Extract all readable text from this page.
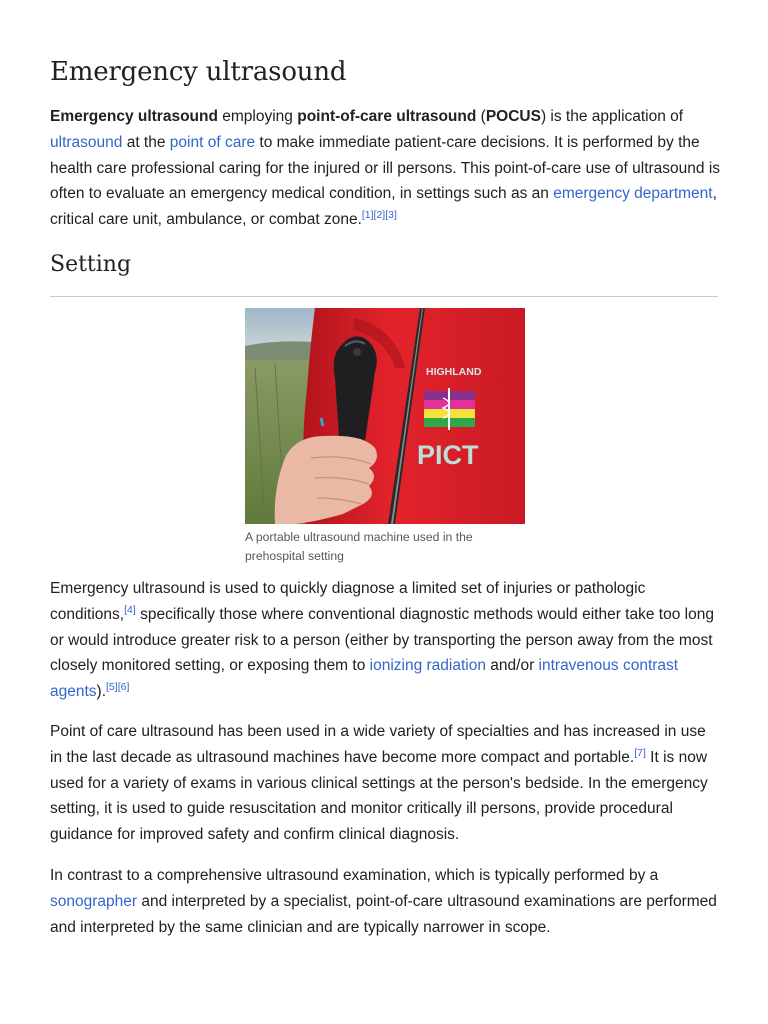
Emergency ultrasound

Emergency ultrasound employing point-of-care ultrasound (POCUS) is the application of ultrasound at the point of care to make immediate patient-care decisions. It is performed by the health care professional caring for the injured or ill persons. This point-of-care use of ultrasound is often to evaluate an emergency medical condition, in settings such as an emergency department, critical care unit, ambulance, or combat zone.[1][2][3]

Setting
HIGHLAND
PICT
A portable ultrasound machine used in the prehospital setting

Emergency ultrasound is used to quickly diagnose a limited set of injuries or pathologic conditions,[4] specifically those where conventional diagnostic methods would either take too long or would introduce greater risk to a person (either by transporting the person away from the most closely monitored setting, or exposing them to ionizing radiation and/or intravenous contrast agents).[5][6]

Point of care ultrasound has been used in a wide variety of specialties and has increased in use in the last decade as ultrasound machines have become more compact and portable.[7] It is now used for a variety of exams in various clinical settings at the person's bedside. In the emergency setting, it is used to guide resuscitation and monitor critically ill persons, provide procedural guidance for improved safety and confirm clinical diagnosis.

In contrast to a comprehensive ultrasound examination, which is typically performed by a sonographer and interpreted by a specialist, point-of-care ultrasound examinations are performed and interpreted by the same clinician and are typically narrower in scope.
